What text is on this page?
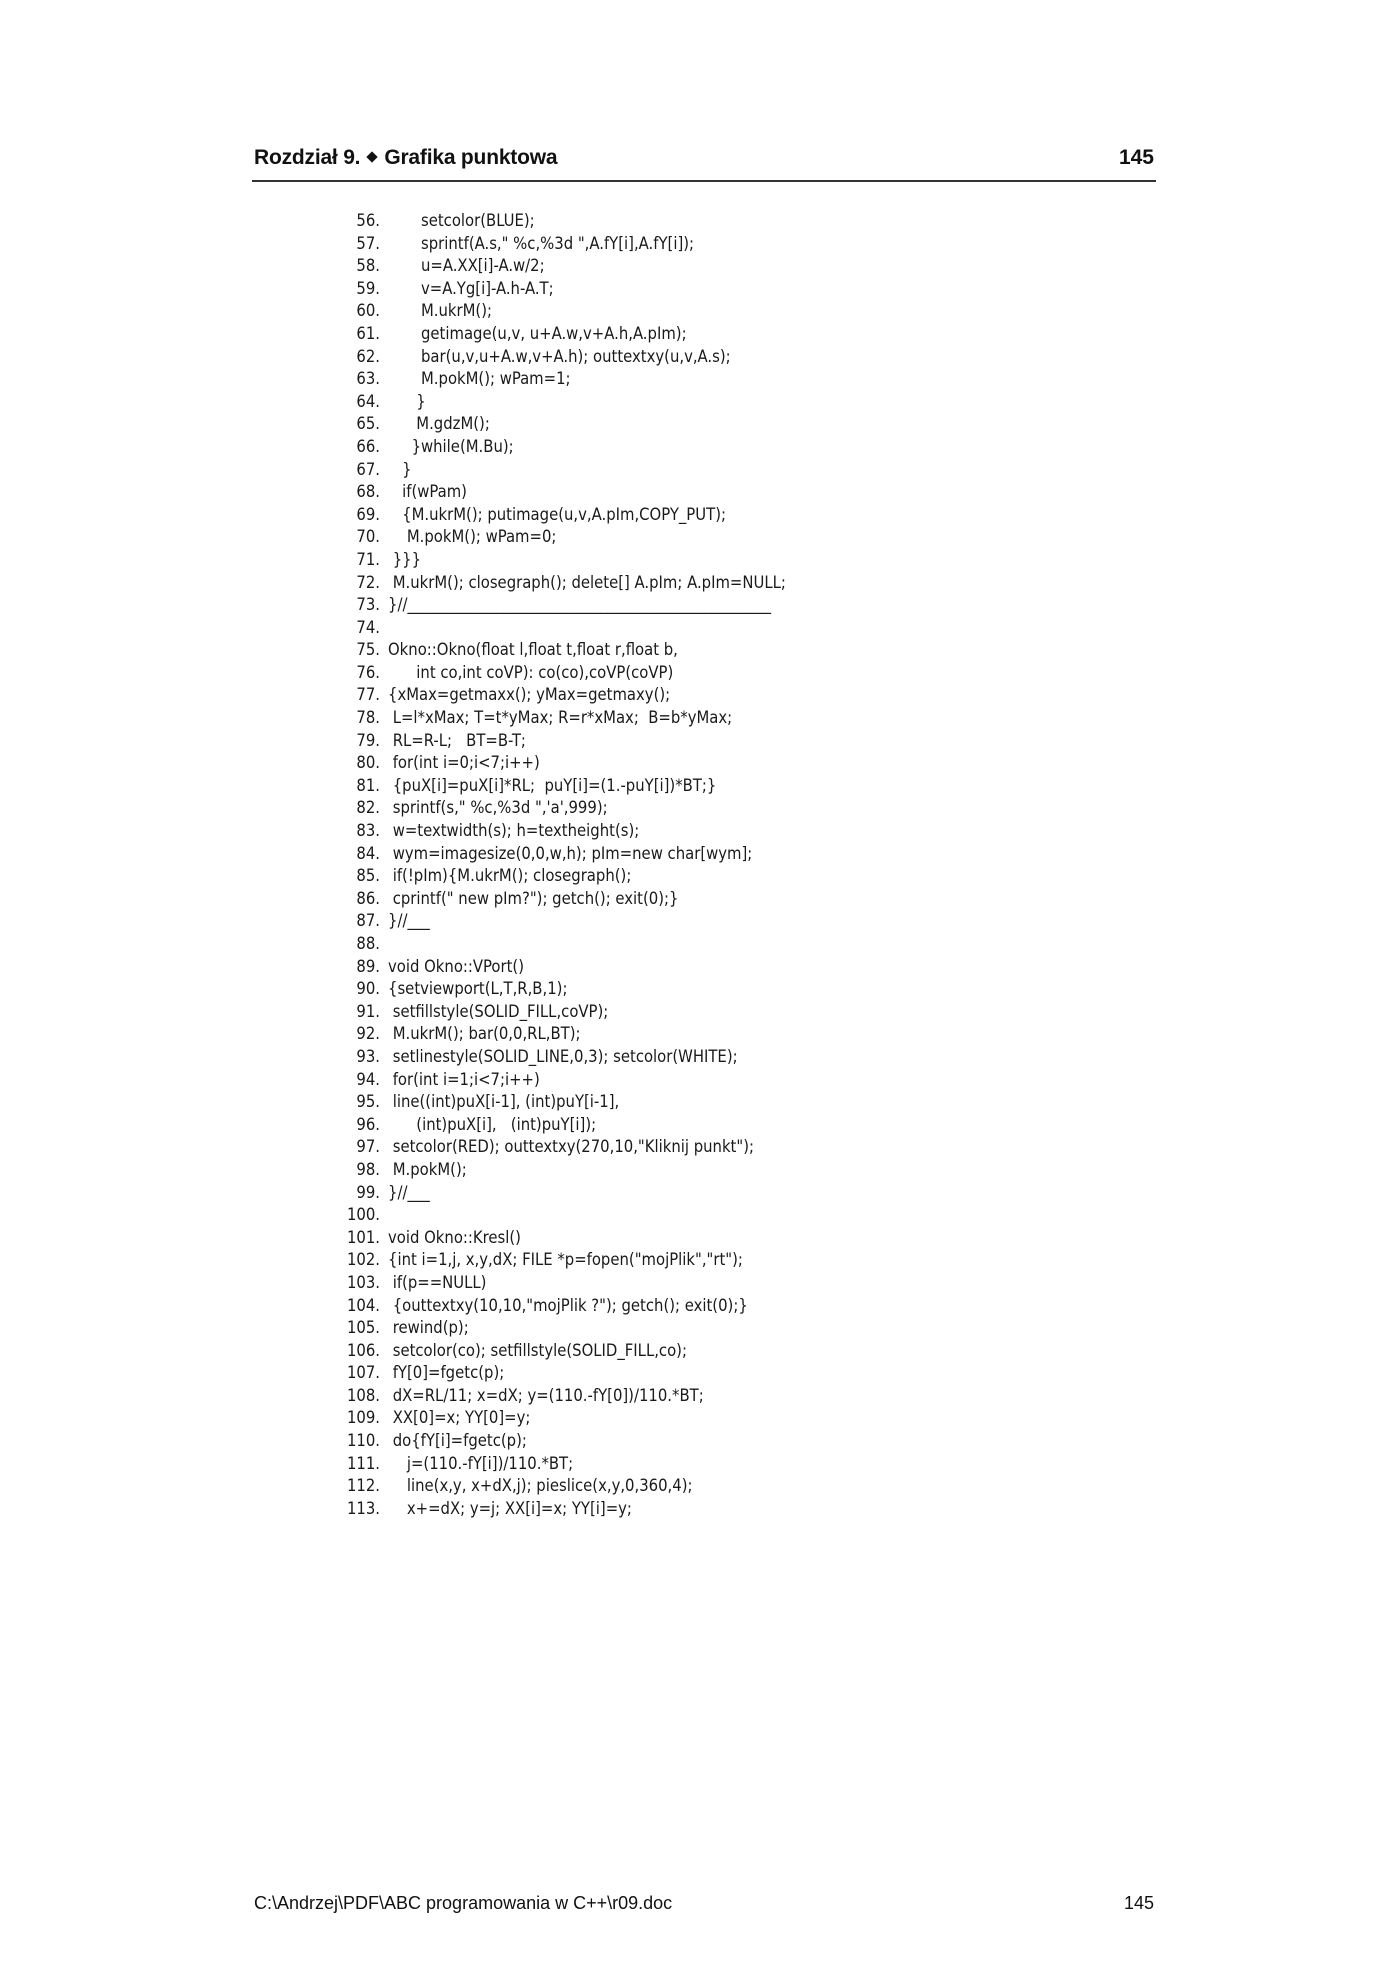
Rozdział 9. Grafika punktowa	145
56. setcolor(BLUE);
57. sprintf(A.s," %c,%3d ",A.fY[i],A.fY[i]);
58. u=A.XX[i]-A.w/2;
59. v=A.Yg[i]-A.h-A.T;
60. M.ukrM();
61. getimage(u,v, u+A.w,v+A.h,A.pIm);
62. bar(u,v,u+A.w,v+A.h); outtextxy(u,v,A.s);
63. M.pokM(); wPam=1;
64. }
65. M.gdzM();
66. }while(M.Bu);
67. }
68. if(wPam)
69. {M.ukrM(); putimage(u,v,A.pIm,COPY_PUT);
70. M.pokM(); wPam=0;
71. }}}
72. M.ukrM(); closegraph(); delete[] A.pIm; A.pIm=NULL;
73. }//_________________________________________________
74.
75. Okno::Okno(float l,float t,float r,float b,
76. int co,int coVP): co(co),coVP(coVP)
77. {xMax=getmaxx(); yMax=getmaxy();
78. L=l*xMax; T=t*yMax; R=r*xMax;  B=b*yMax;
79. RL=R-L;   BT=B-T;
80. for(int i=0;i<7;i++)
81. {puX[i]=puX[i]*RL;  puY[i]=(1.-puY[i])*BT;}
82. sprintf(s," %c,%3d ",'a',999);
83. w=textwidth(s); h=textheight(s);
84. wym=imagesize(0,0,w,h); pIm=new char[wym];
85. if(!pIm){M.ukrM(); closegraph();
86. cprintf(" new pIm?"); getch(); exit(0);}
87. }//___
88.
89. void Okno::VPort()
90. {setviewport(L,T,R,B,1);
91. setfillstyle(SOLID_FILL,coVP);
92. M.ukrM(); bar(0,0,RL,BT);
93. setlinestyle(SOLID_LINE,0,3); setcolor(WHITE);
94. for(int i=1;i<7;i++)
95. line((int)puX[i-1], (int)puY[i-1],
96. (int)puX[i],   (int)puY[i]);
97. setcolor(RED); outtextxy(270,10,"Kliknij punkt");
98. M.pokM();
99. }//___
100.
101. void Okno::Kresl()
102. {int i=1,j, x,y,dX; FILE *p=fopen("mojPlik","rt");
103. if(p==NULL)
104. {outtextxy(10,10,"mojPlik ?"); getch(); exit(0);}
105. rewind(p);
106. setcolor(co); setfillstyle(SOLID_FILL,co);
107. fY[0]=fgetc(p);
108. dX=RL/11; x=dX; y=(110.-fY[0])/110.*BT;
109. XX[0]=x; YY[0]=y;
110. do{fY[i]=fgetc(p);
111. j=(110.-fY[i])/110.*BT;
112. line(x,y, x+dX,j); pieslice(x,y,0,360,4);
113. x+=dX; y=j; XX[i]=x; YY[i]=y;
C:\Andrzej\PDF\ABC programowania w C++\r09.doc	145
